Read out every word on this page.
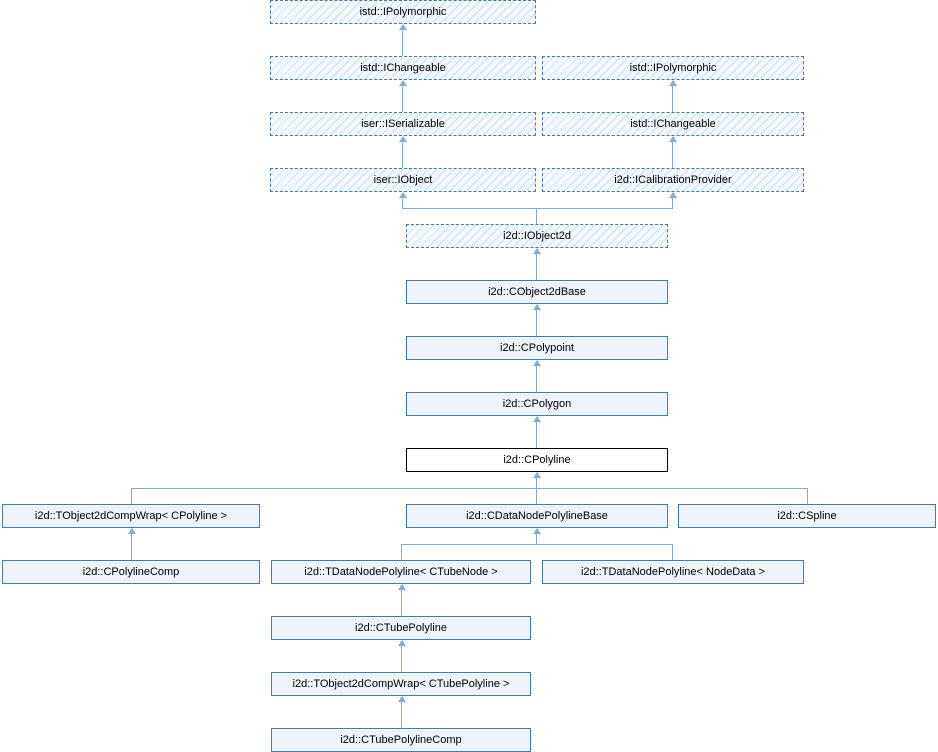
istd::IPolymorphic
istd::IChangeable	istd::IPolymorphic
iser::ISerializable	istd::IChangeable
iser::IObject	i2d::ICalibrationProvider
i2d::IObject2d
i2d::CObject2dBase
i2d::CPolypoint
i2d::CPolygon
i2d::CPolyline
i2d::TObject2dCompWrap< CPolyline >	i2d::CDataNodePolylineBase	i2d::CSpline
i2d::CPolylineComp	i2d::TDataNodePolyline< CTubeNode >	i2d::TDataNodePolyline< NodeData >
i2d::CTubePolyline
i2d::TObject2dCompWrap< CTubePolyline >
i2d::CTubePolylineComp
